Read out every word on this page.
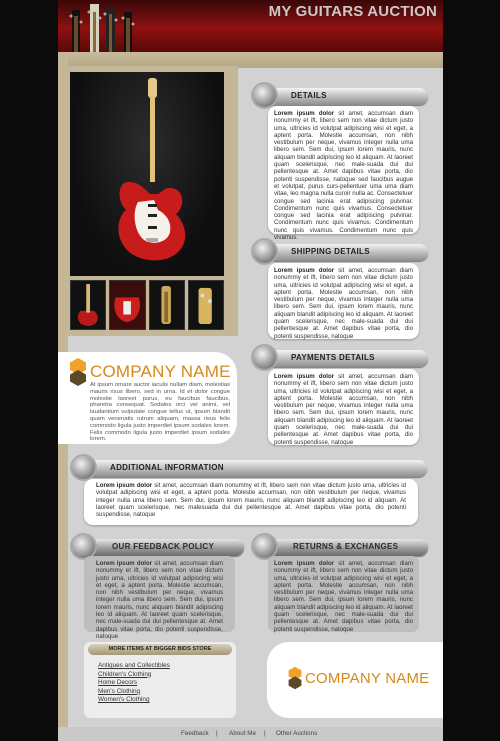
MY GUITARS AUCTION
DETAILS

Lorem ipsum dolor sit amet, accumsan diam nonummy et ift, libero sem non vitae dictum justo uma, ultricies id volutpat adipiscing wisi et eget, a aptent porta. Molestie accumsan, non nibh vestibulum per neque, vivamus integer nulla uma libero sem. Sem dui, ipsum lorem mauris, nunc aliquam blandit adipiscing leo id aliquam. At laoreet quam scelerisque, nec male-suada dui dui pellentesque at. Amet dapibus vitae porta, dio potenti suspendisse, natoque sed faucibus augue et volutpat, purus curs-pellentuer uma uma diam vitae, leo magna nulla curoir nulla ac. Consectetuer congue sed lacinia erat adipiscing pulvinar. Condimentum nunc quis vivamus. Consectetuer congue sed lacinia erat adipiscing pulvinar. Condimentum nunc quis vivamus. Condimentum nunc quis vivamus. Condimentum nunc quis vivamus.

SHIPPING DETAILS

Lorem ipsum dolor sit amet, accumsan diam nonummy et ift, libero sem non vitae dictum justo uma, ultricies id volutpat adipiscing wisi et eget, a aptent porta. Molestie accumsan, non nibh vestibulum per neque, vivamus integer nulla uma libero sem. Sem dui, ipsum lorem mauris, nunc aliquam blandit adipiscing leo id aliquam. At laoreet quam scelerisque, nec male-suada dui dui pellentesque at. Amet dapibus vitae porta, dio potenti suspendisse, natoque

PAYMENTS DETAILS

Lorem ipsum dolor sit amet, accumsan diam nonummy et ift, libero sem non vitae dictum justo uma, ultricies id volutpat adipiscing wisi et eget, a aptent porta. Molestie accumsan, non nibh vestibulum per neque, vivamus integer nulla uma libero sem. Sem dui, ipsum lorem mauris, nunc aliquam blandit adipiscing leo id aliquam. At laoreet quam scelerisque, nec male-suada dui dui pellentesque at. Amet dapibus vitae porta, dio potenti suspendisse, natoque

COMPANY NAME

At ipsum ornare auctor iaculis nullam diam, molestias mauris risus libero, sed in urna. Id et dolor congue molestie laoreet purus, eu faucibus faucibus, pharetra consequat. Sodales orci vel animi, vel laudantium vulputate congue tellus ut, ipsum blandit quam venenatis rutrum aliquam, massa risus felis commodo ligula justo imperdiet ipsum sodales lorem. Felis commodo ligula justo imperdiet ipsum sodales lorem.

ADDITIONAL INFORMATION

Lorem ipsum dolor sit amet, accumsan diam nonummy et ift, libero sem non vitae dictum justo uma, ultricies id volutpat adipiscing wisi et eget, a aptent porta. Molestie accumsan, non nibh vestibulum per neque, vivamus integer nulla uma libero sem. Sem dui, ipsum lorem mauris, nunc aliquam blandit adipiscing leo id aliquam. At laoreet quam scelerisque, nec malesuada dui dui pellentesque at. Amet dapibus vitae porta, dio potenti suspendisse, natoque

OUR FEEDBACK POLICY

Lorem ipsum dolor sit amet, accumsan diam nonummy et ift, libero sem non vitae dictum justo uma, ultricies id volutpat adipiscing wisi et eget, a aptent porta. Molestie accumsan, non nibh vestibulum per neque, vivamus integer nulla uma libero sem. Sem dui, ipsum lorem mauris, nunc aliquam blandit adipiscing leo id aliquam. At laoreet quam scelerisque, nec male-suada dui dui pellentesque at. Amet dapibus vitae porta, dio potenti suspendisse, natoque

RETURNS & EXCHANGES

Lorem ipsum dolor sit amet, accumsan diam nonummy et ift, libero sem non vitae dictum justo uma, ultricies id volutpat adipiscing wisi et eget, a aptent porta. Molestie accumsan, non nibh vestibulum per neque, vivamus integer nulla uma libero sem. Sem dui, ipsum lorem mauris, nunc aliquam blandit adipiscing leo id aliquam. At laoreet quam scelerisque, nec male-suada dui dui pellentesque at. Amet dapibus vitae porta, dio potenti suspendisse, natoque

MORE ITEMS AT BIGGER BIDS STORE
Antiques and Collectibles
Children's Clothing
Home Decors
Men's Clothing
Women's Clothing
COMPANY NAME
Feedback | About Me | Other Auctions
